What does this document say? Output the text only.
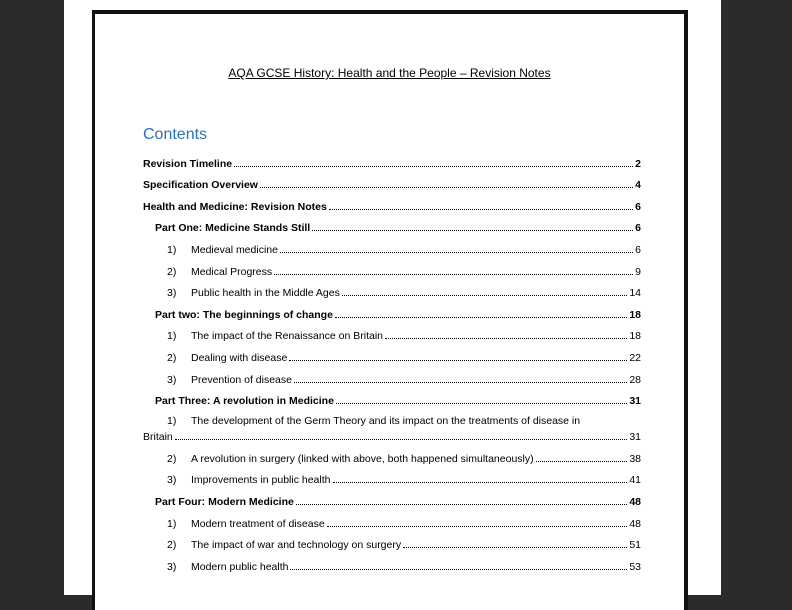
AQA GCSE History: Health and the People – Revision Notes
Contents
Revision Timeline	2
Specification Overview	4
Health and Medicine: Revision Notes	6
Part One: Medicine Stands Still	6
1)	Medieval medicine	6
2)	Medical Progress	9
3)	Public health in the Middle Ages	14
Part two: The beginnings of change	18
1)	The impact of the Renaissance on Britain	18
2)	Dealing with disease	22
3)	Prevention of disease	28
Part Three: A revolution in Medicine	31
1) The development of the Germ Theory and its impact on the treatments of disease in
Britain	31
2)	A revolution in surgery (linked with above, both happened simultaneously)	38
3)	Improvements in public health	41
Part Four: Modern Medicine	48
1)	Modern treatment of disease	48
2)	The impact of war and technology on surgery	51
3)	Modern public health	53
